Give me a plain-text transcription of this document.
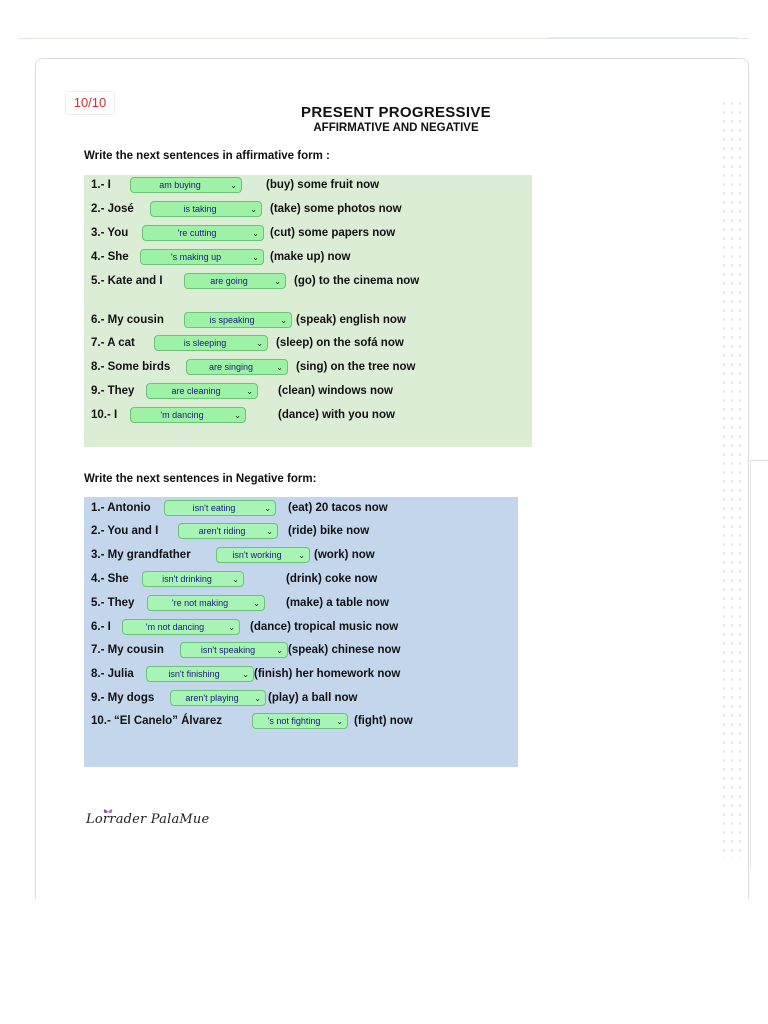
10/10
PRESENT PROGRESSIVE
AFFIRMATIVE AND NEGATIVE
Write the next sentences in affirmative form :
1.- I	am buying	⌄	(buy) some fruit now
2.- José	is taking	⌄ (take) some photos now
3.- You	're cutting	⌄ (cut) some papers now
4.- She	's making up	⌄ (make up) now
5.- Kate and I	are going	⌄ (go) to the cinema now
6.- My cousin	is speaking	⌄ (speak) english now
7.- A cat	is sleeping	⌄ (sleep) on the sofá now
8.- Some birds	are singing	⌄ (sing) on the tree now
9.- They	are cleaning	⌄ (clean) windows now
10.- I	'm dancing	⌄	(dance) with you now
Write the next sentences in Negative form:
1.- Antonio	isn't eating	⌄ (eat) 20 tacos now
2.- You and I	aren't riding	⌄ (ride) bike now
3.- My grandfather	isn't working ⌄ (work) now
4.- She	isn't drinking	⌄	(drink) coke now
5.- They	're not making	⌄ (make) a table now
6.- I	'm not dancing	⌄ (dance) tropical music now
7.- My cousin	isn't speaking	⌄ (speak) chinese now
8.- Julia	isn't finishing	⌄ (finish) her homework now
9.- My dogs	aren't playing ⌄ (play) a ball now
10.- “El Canelo” Álvarez	's not fighting ⌄ (fight) now
Lorrader PalaMue
